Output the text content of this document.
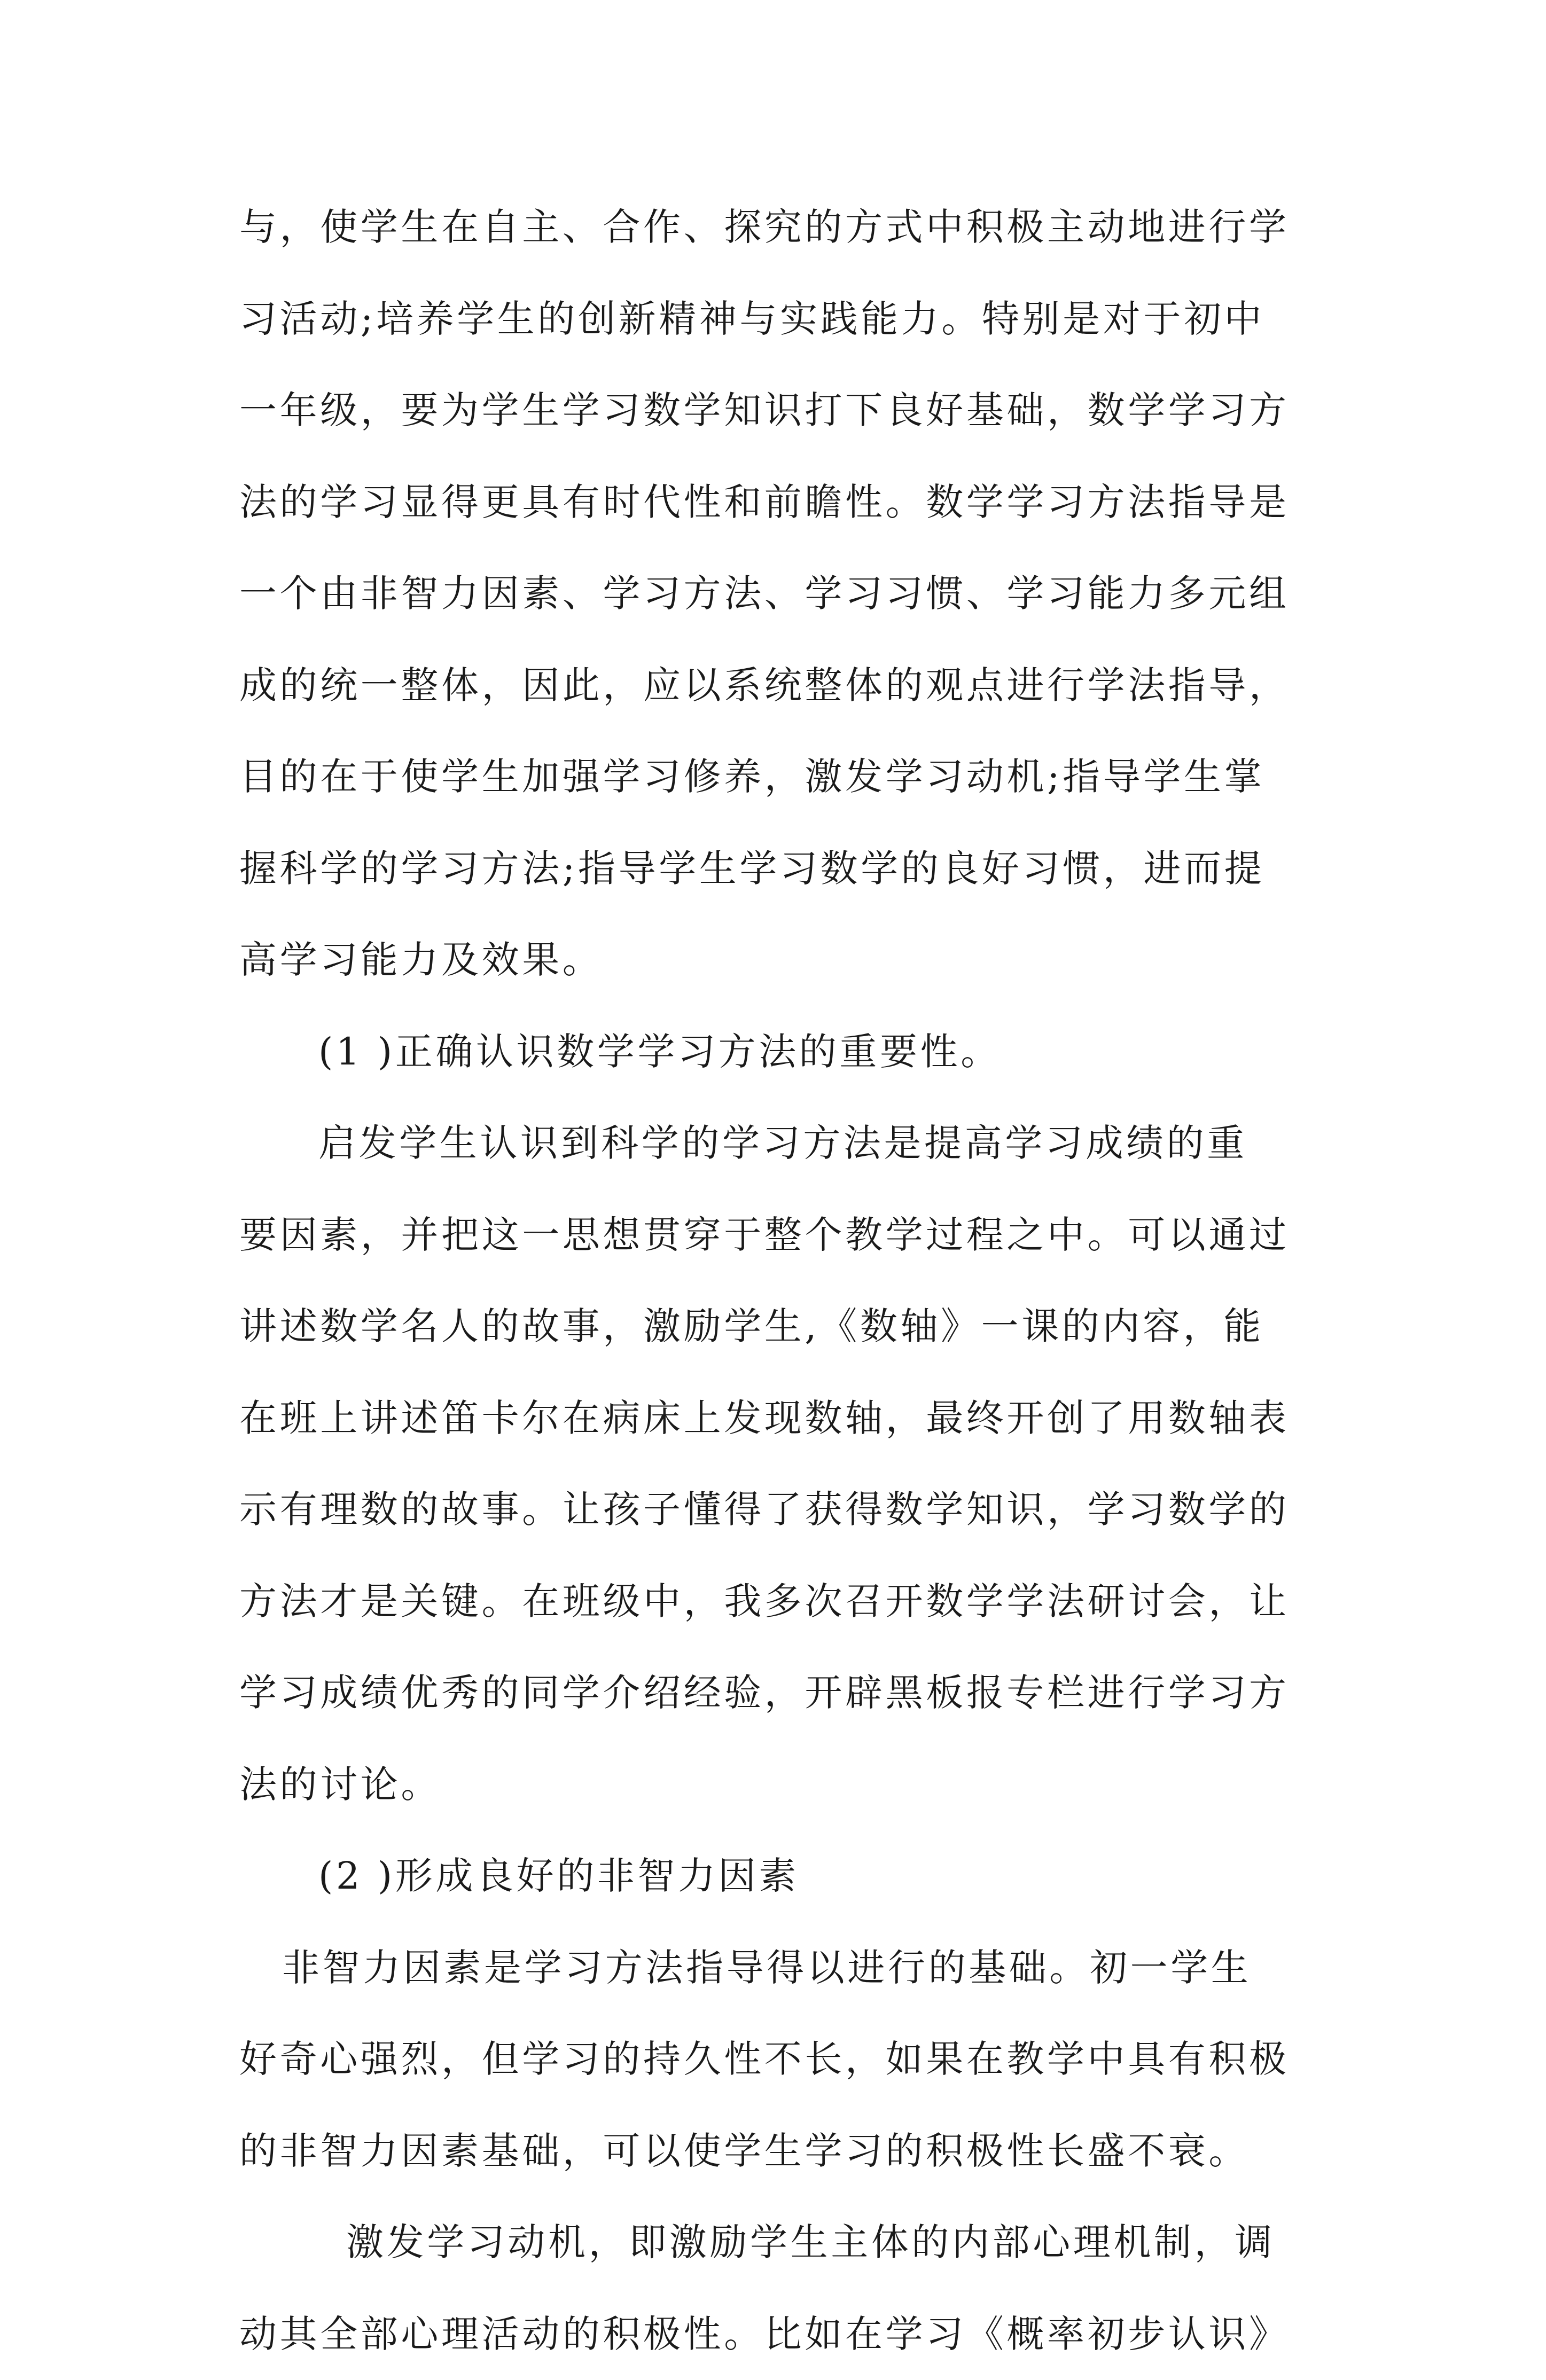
与，使学生在自主、合作、探究的方式中积极主动地进行学
习活动;培养学生的创新精神与实践能力。特别是对于初中
一年级，要为学生学习数学知识打下良好基础，数学学习方
法的学习显得更具有时代性和前瞻性。数学学习方法指导是
一个由非智力因素、学习方法、学习习惯、学习能力多元组
成的统一整体，因此，应以系统整体的观点进行学法指导，
目的在于使学生加强学习修养，激发学习动机;指导学生掌
握科学的学习方法;指导学生学习数学的良好习惯，进而提
高学习能力及效果。
(1 )正确认识数学学习方法的重要性。
启发学生认识到科学的学习方法是提高学习成绩的重
要因素，并把这一思想贯穿于整个教学过程之中。可以通过
讲述数学名人的故事，激励学生,《数轴》一课的内容，能
在班上讲述笛卡尔在病床上发现数轴，最终开创了用数轴表
示有理数的故事。让孩子懂得了获得数学知识，学习数学的
方法才是关键。在班级中，我多次召开数学学法研讨会，让
学习成绩优秀的同学介绍经验，开辟黑板报专栏进行学习方
法的讨论。
(2 )形成良好的非智力因素
非智力因素是学习方法指导得以进行的基础。初一学生
好奇心强烈，但学习的持久性不长，如果在教学中具有积极
的非智力因素基础，可以使学生学习的积极性长盛不衰。
激发学习动机，即激励学生主体的内部心理机制，调
动其全部心理活动的积极性。比如在学习《概率初步认识》
